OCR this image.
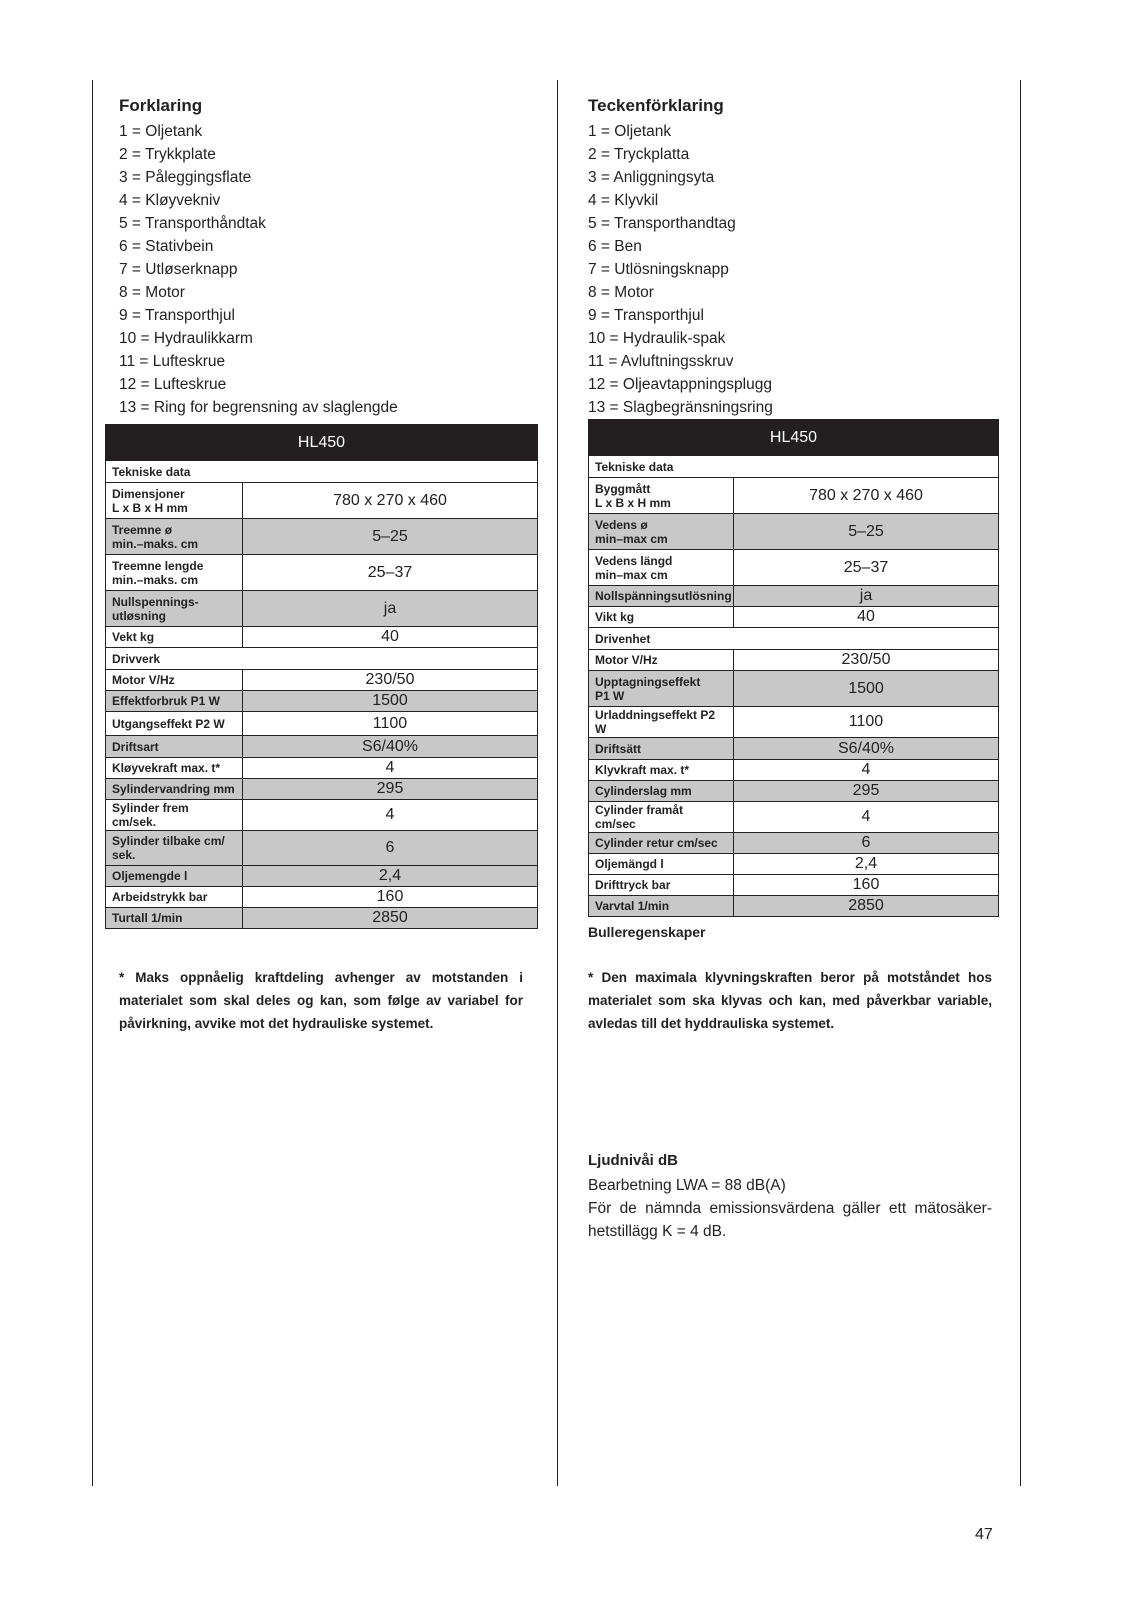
Forklaring
1 = Oljetank
2 = Trykkplate
3 = Påleggingsflate
4 = Kløyvekniv
5 = Transporthåndtak
6 = Stativbein
7 = Utløserknapp
8 = Motor
9 = Transporthjul
10 = Hydraulikkarm
11 = Lufteskrue
12 = Lufteskrue
13 = Ring for begrensning av slaglengde
HL450	
Tekniske data	
Dimensjoner
L x B x H mm	780 x 270 x 460
Treemne ø
min.–maks. cm	5–25
Treemne lengde
min.–maks. cm	25–37
Nullspennings-
utløsning	ja
Vekt kg	40
Drivverk	
Motor V/Hz	230/50
Effektforbruk P1 W	1500
Utgangseffekt P2 W	1100
Driftsart	S6/40%
Kløyvekraft max. t*	4
Sylindervandring mm	295
Sylinder frem cm/sek.	4
Sylinder tilbake cm/
sek.	6
Oljemengde l	2,4
Arbeidstrykk bar	160
Turtall 1/min	2850
* Maks oppnåelig kraftdeling avhenger av motstanden i materialet som skal deles og kan, som følge av variabel for påvirkning, avvike mot det hydrauliske systemet.
Teckenförklaring
1 = Oljetank
2 = Tryckplatta
3 = Anliggningsyta
4 = Klyvkil
5 = Transporthandtag
6 = Ben
7 = Utlösningsknapp
8 = Motor
9 = Transporthjul
10 = Hydraulik-spak
11 = Avluftningsskruv
12 = Oljeavtappningsplugg
13 = Slagbegränsningsring
HL450	
Tekniske data	
Byggmått
L x B x H mm	780 x 270 x 460
Vedens ø
min–max cm	5–25
Vedens längd
min–max cm	25–37
Nollspänningsutlösning	ja
Vikt kg	40
Drivenhet	
Motor V/Hz	230/50
Upptagningseffekt
P1 W	1500
Urladdningseffekt P2 W	1100
Driftsätt	S6/40%
Klyvkraft max. t*	4
Cylinderslag mm	295
Cylinder framåt cm/sec	4
Cylinder retur cm/sec	6
Oljemängd l	2,4
Drifttryck bar	160
Varvtal 1/min	2850
Bulleregenskaper
* Den maximala klyvningskraften beror på motståndet hos materialet som ska klyvas och kan, med påverkbar variable, avledas till det hyddrauliska systemet.
Ljudnivåi dB
Bearbetning LWA = 88 dB(A)
För de nämnda emissionsvärdena gäller ett mätosäkerhetstillägg K = 4 dB.
47
